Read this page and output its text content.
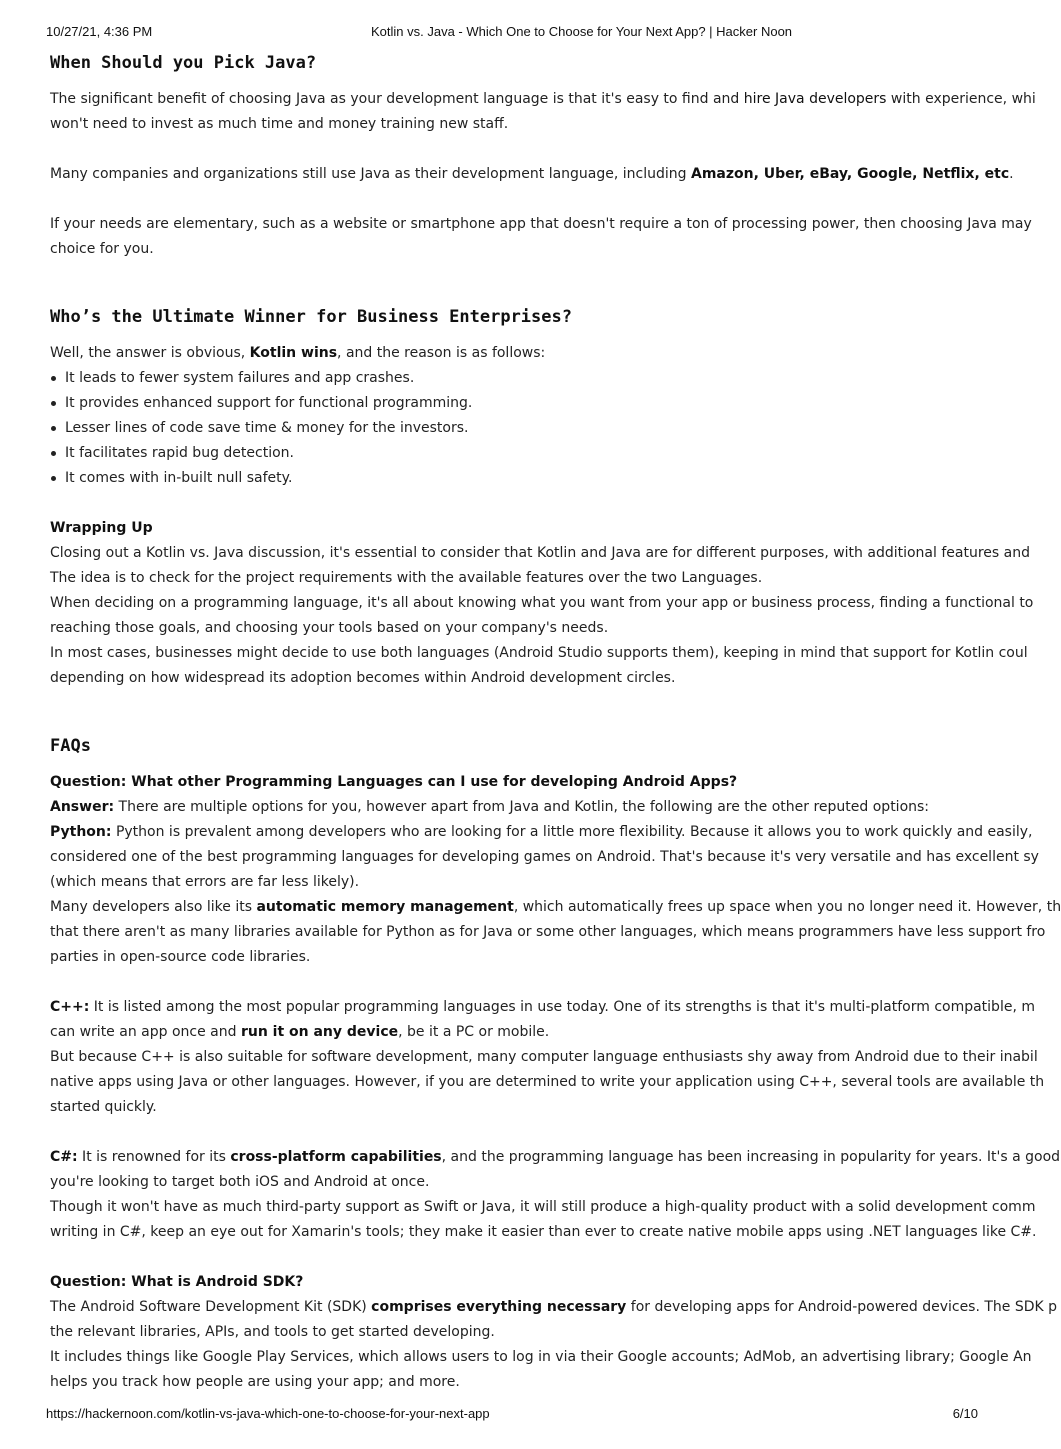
10/27/21, 4:36 PM	Kotlin vs. Java - Which One to Choose for Your Next App? | Hacker Noon
When Should you Pick Java?
The significant benefit of choosing Java as your development language is that it's easy to find and hire Java developers with experience, whi
won't need to invest as much time and money training new staff.
Many companies and organizations still use Java as their development language, including Amazon, Uber, eBay, Google, Netflix, etc.
If your needs are elementary, such as a website or smartphone app that doesn't require a ton of processing power, then choosing Java may
choice for you.
Who’s the Ultimate Winner for Business Enterprises?
Well, the answer is obvious, Kotlin wins, and the reason is as follows:
It leads to fewer system failures and app crashes.
It provides enhanced support for functional programming.
Lesser lines of code save time & money for the investors.
It facilitates rapid bug detection.
It comes with in-built null safety.
Wrapping Up
Closing out a Kotlin vs. Java discussion, it's essential to consider that Kotlin and Java are for different purposes, with additional features and
The idea is to check for the project requirements with the available features over the two Languages.
When deciding on a programming language, it's all about knowing what you want from your app or business process, finding a functional to
reaching those goals, and choosing your tools based on your company's needs.
In most cases, businesses might decide to use both languages (Android Studio supports them), keeping in mind that support for Kotlin coul
depending on how widespread its adoption becomes within Android development circles.
FAQs
Question: What other Programming Languages can I use for developing Android Apps?
Answer: There are multiple options for you, however apart from Java and Kotlin, the following are the other reputed options:
Python: Python is prevalent among developers who are looking for a little more flexibility. Because it allows you to work quickly and easily,
considered one of the best programming languages for developing games on Android. That's because it's very versatile and has excellent sy
(which means that errors are far less likely).
Many developers also like its automatic memory management, which automatically frees up space when you no longer need it. However, th
that there aren't as many libraries available for Python as for Java or some other languages, which means programmers have less support fro
parties in open-source code libraries.
C++: It is listed among the most popular programming languages in use today. One of its strengths is that it's multi-platform compatible, m
can write an app once and run it on any device, be it a PC or mobile.
But because C++ is also suitable for software development, many computer language enthusiasts shy away from Android due to their inabil
native apps using Java or other languages. However, if you are determined to write your application using C++, several tools are available th
started quickly.
C#: It is renowned for its cross-platform capabilities, and the programming language has been increasing in popularity for years. It's a good
you're looking to target both iOS and Android at once.
Though it won't have as much third-party support as Swift or Java, it will still produce a high-quality product with a solid development comm
writing in C#, keep an eye out for Xamarin's tools; they make it easier than ever to create native mobile apps using .NET languages like C#.
Question: What is Android SDK?
The Android Software Development Kit (SDK) comprises everything necessary for developing apps for Android-powered devices. The SDK p
the relevant libraries, APIs, and tools to get started developing.
It includes things like Google Play Services, which allows users to log in via their Google accounts; AdMob, an advertising library; Google An
helps you track how people are using your app; and more.
https://hackernoon.com/kotlin-vs-java-which-one-to-choose-for-your-next-app	6/10
